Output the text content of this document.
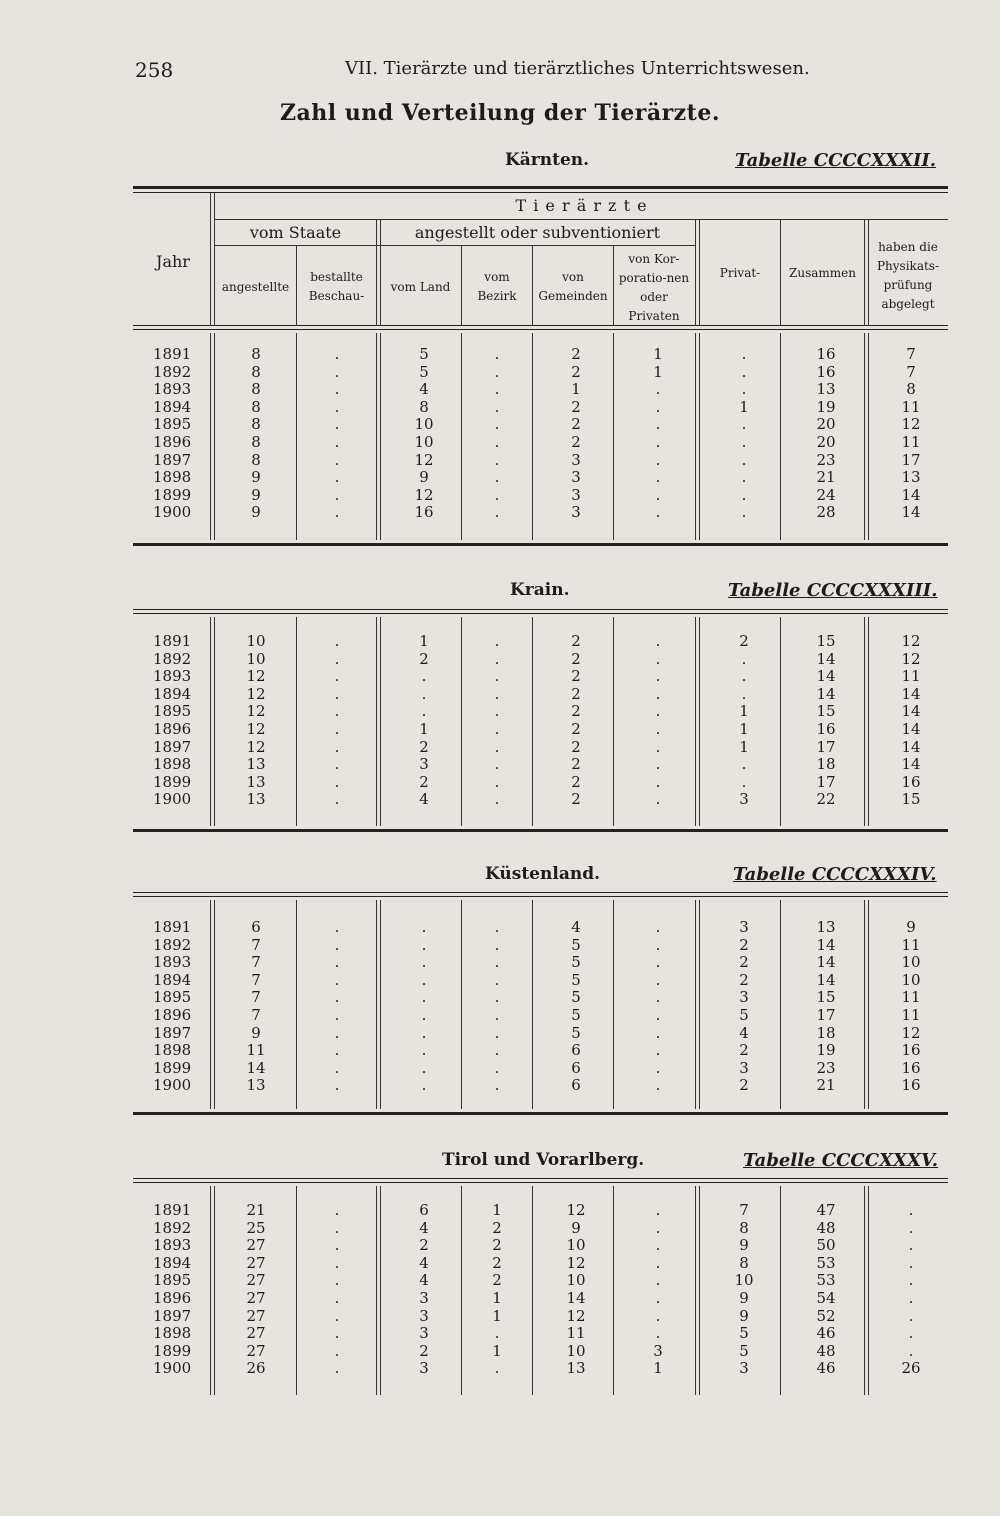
258	VII. Tierärzte und tierärztliches Unterrichtswesen.
Zahl und Verteilung der Tierärzte.
Kärnten.	Tabelle CCCCXXXII.
Krain.	Tabelle CCCCXXXIII.
Küstenland.	Tabelle CCCCXXXIV.
Tirol und Vorarlberg.	Tabelle CCCCXXXV.
Jahr
T i e r ä r z t e
vom Staate	angestellt oder subventioniert
angestellte
bestallte Beschau-
vom Land
vom Bezirk
von Gemeinden
von Kor-poratio-nen oder Privaten
Privat-	Zusammen
haben die Physikats-prüfung abgelegt
1891	8	.	5	.	2	1	.	16	7
1892	8	.	5	.	2	1	.	16	7
1893	8	.	4	.	1	.	.	13	8
1894	8	.	8	.	2	.	1	19	11
1895	8	.	10	.	2	.	.	20	12
1896	8	.	10	.	2	.	.	20	11
1897	8	.	12	.	3	.	.	23	17
1898	9	.	9	.	3	.	.	21	13
1899	9	.	12	.	3	.	.	24	14
1900	9	.	16	.	3	.	.	28	14
1891	10	.	1	.	2	.	2	15	12
1892	10	.	2	.	2	.	.	14	12
1893	12	.	.	.	2	.	.	14	11
1894	12	.	.	.	2	.	.	14	14
1895	12	.	.	.	2	.	1	15	14
1896	12	.	1	.	2	.	1	16	14
1897	12	.	2	.	2	.	1	17	14
1898	13	.	3	.	2	.	.	18	14
1899	13	.	2	.	2	.	.	17	16
1900	13	.	4	.	2	.	3	22	15
1891	6	.	.	.	4	.	3	13	9
1892	7	.	.	.	5	.	2	14	11
1893	7	.	.	.	5	.	2	14	10
1894	7	.	.	.	5	.	2	14	10
1895	7	.	.	.	5	.	3	15	11
1896	7	.	.	.	5	.	5	17	11
1897	9	.	.	.	5	.	4	18	12
1898	11	.	.	.	6	.	2	19	16
1899	14	.	.	.	6	.	3	23	16
1900	13	.	.	.	6	.	2	21	16
1891	21	.	6	1	12	.	7	47	.
1892	25	.	4	2	9	.	8	48	.
1893	27	.	2	2	10	.	9	50	.
1894	27	.	4	2	12	.	8	53	.
1895	27	.	4	2	10	.	10	53	.
1896	27	.	3	1	14	.	9	54	.
1897	27	.	3	1	12	.	9	52	.
1898	27	.	3	.	11	.	5	46	.
1899	27	.	2	1	10	3	5	48	.
1900	26	.	3	.	13	1	3	46	26
